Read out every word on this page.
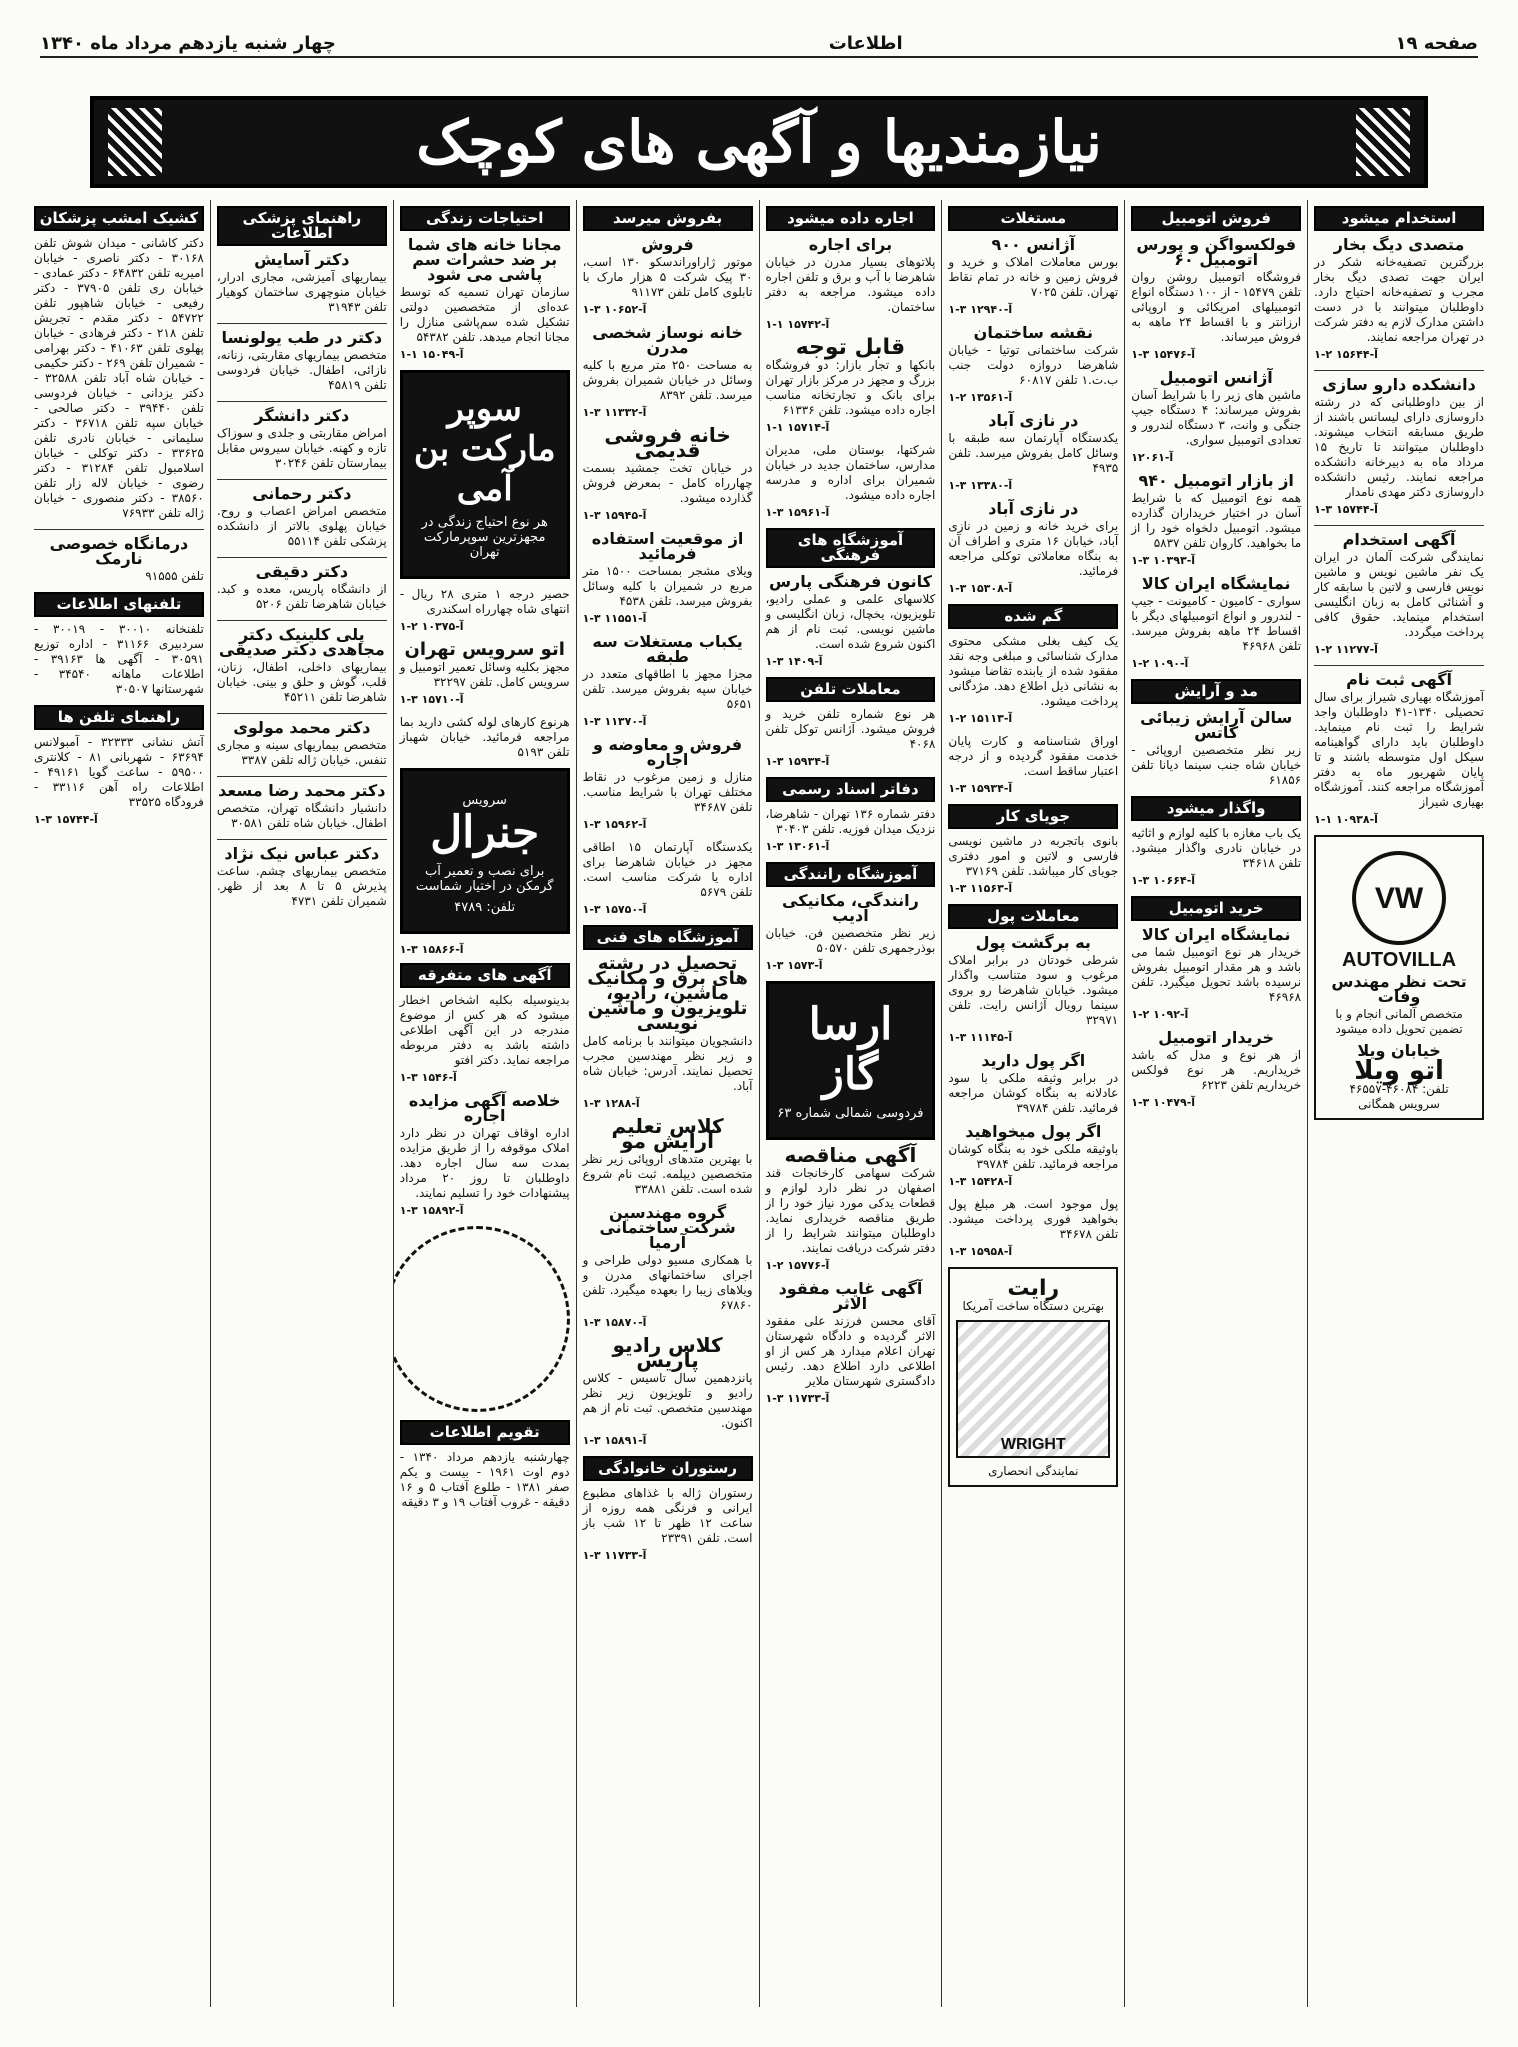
صفحه ۱۹
اطلاعات
چهار شنبه یازدهم مرداد ماه ۱۳۴۰
نیازمندیها و آگهی های کوچک
استخدام میشود
متصدی دیگ بخار

بزرگترین تصفیه‌خانه شکر در ایران جهت تصدی دیگ بخار مجرب و تصفیه‌خانه احتیاج دارد. داوطلبان میتوانند با در دست داشتن مدارک لازم به دفتر شرکت در تهران مراجعه نمایند.

آ-۱۵۶۴۴ ۲-۱
دانشکده دارو سازی

از بین داوطلبانی که در رشته داروسازی دارای لیسانس باشند از طریق مسابقه انتخاب میشوند. داوطلبان میتوانند تا تاریخ ۱۵ مرداد ماه به دبیرخانه دانشکده مراجعه نمایند. رئیس دانشکده داروسازی دکتر مهدی نامدار

آ-۱۵۷۴۴ ۳-۱
آگهی استخدام

نمایندگی شرکت آلمان در ایران یک نفر ماشین نویس و ماشین نویس فارسی و لاتین با سابقه کار و آشنائی کامل به زبان انگلیسی استخدام مینماید. حقوق کافی پرداخت میگردد.

آ-۱۱۲۷۷ ۲-۱
آگهی ثبت نام

آموزشگاه بهیاری شیراز برای سال تحصیلی ۱۳۴۰-۴۱ داوطلبان واجد شرایط را ثبت نام مینماید. داوطلبان باید دارای گواهینامه سیکل اول متوسطه باشند و تا پایان شهریور ماه به دفتر آموزشگاه مراجعه کنند. آموزشگاه بهیاری شیراز

آ-۱۰۹۳۸ ۱-۱
VW
AUTOVILLA
تحت نظر مهندس وفات
متخصص آلمانی انجام و با تضمین تحویل داده میشود
خیابان ویلا
اتو ویلا
تلفن: ۴۶۰۸۴-۴۶۵۵۷
سرویس همگانی
فروش اتومبیل
فولکسواگن و پورس اتومبیل ۶۰

فروشگاه اتومبیل روشن روان تلفن ۱۵۴۷۹ - از ۱۰۰ دستگاه انواع اتومبیلهای امریکائی و اروپائی ارزانتر و با اقساط ۲۴ ماهه به فروش میرساند.

آ-۱۵۴۷۶ ۳-۱
آژانس اتومبیل

ماشین های زیر را با شرایط آسان بفروش میرساند: ۴ دستگاه جیپ جنگی و وانت، ۳ دستگاه لندرور و تعدادی اتومبیل سواری.

آ-۱۲۰۶۱
از بازار اتومبیل ۹۴۰

همه نوع اتومبیل که با شرایط آسان در اختیار خریداران گذارده میشود. اتومبیل دلخواه خود را از ما بخواهید. کاروان تلفن ۵۸۳۷

آ-۱۰۳۹۳ ۳-۱
نمایشگاه ایران کالا

سواری - کامیون - کامیونت - جیپ - لندرور و انواع اتومبیلهای دیگر با اقساط ۲۴ ماهه بفروش میرسد. تلفن ۴۶۹۶۸

آ-۱۰۹۰ ۲-۱
مد و آرایش
سالن آرایش زیبائی کاتس

زیر نظر متخصصین اروپائی - خیابان شاه جنب سینما دیانا تلفن ۶۱۸۵۶

واگذار میشود

یک باب مغازه با کلیه لوازم و اثاثیه در خیابان نادری واگذار میشود. تلفن ۳۴۶۱۸

آ-۱۰۶۶۴ ۳-۱
خرید اتومبیل
نمایشگاه ایران کالا

خریدار هر نوع اتومبیل شما می باشد و هر مقدار اتومبیل بفروش نرسیده باشد تحویل میگیرد. تلفن ۴۶۹۶۸

آ-۱۰۹۲ ۲-۱
خریدار اتومبیل

از هر نوع و مدل که باشد خریداریم. هر نوع فولکس خریداریم تلفن ۶۲۲۳

آ-۱۰۴۷۹ ۳-۱
مستغلات
آژانس ۹۰۰

بورس معاملات املاک و خرید و فروش زمین و خانه در تمام نقاط تهران. تلفن ۷۰۲۵

آ-۱۲۹۴۰ ۳-۱
نقشه ساختمان

شرکت ساختمانی توتیا - خیابان شاهرضا دروازه دولت جنب ب.ت.۱ تلفن ۶۰۸۱۷

آ-۱۳۵۶۱ ۲-۱
در نازی آباد

یکدستگاه آپارتمان سه طبقه با وسائل کامل بفروش میرسد. تلفن ۴۹۳۵

آ-۱۳۳۸۰ ۳-۱
در نازی آباد

برای خرید خانه و زمین در نازی آباد، خیابان ۱۶ متری و اطراف آن به بنگاه معاملاتی توکلی مراجعه فرمائید.

آ-۱۵۳۰۸ ۳-۱
گم شده

یک کیف بغلی مشکی محتوی مدارک شناسائی و مبلغی وجه نقد مفقود شده از یابنده تقاضا میشود به نشانی ذیل اطلاع دهد. مژدگانی پرداخت میشود.

آ-۱۵۱۱۳ ۲-۱

اوراق شناسنامه و کارت پایان خدمت مفقود گردیده و از درجه اعتبار ساقط است.

آ-۱۵۹۳۴ ۳-۱
جویای کار

بانوی باتجربه در ماشین نویسی فارسی و لاتین و امور دفتری جویای کار میباشد. تلفن ۳۷۱۶۹

آ-۱۱۵۶۳ ۳-۱
معاملات پول
به برگشت پول

شرطی خودتان در برابر املاک مرغوب و سود متناسب واگذار میشود. خیابان شاهرضا رو بروی سینما رویال آژانس رایت. تلفن ۳۲۹۷۱

آ-۱۱۱۴۵ ۳-۱
اگر پول دارید

در برابر وثیقه ملکی با سود عادلانه به بنگاه کوشان مراجعه فرمائید. تلفن ۳۹۷۸۴

اگر پول میخواهید

باوثیقه ملکی خود به بنگاه کوشان مراجعه فرمائید. تلفن ۳۹۷۸۴

آ-۱۵۴۲۸ ۳-۱

پول موجود است. هر مبلغ پول بخواهید فوری پرداخت میشود. تلفن ۳۴۶۷۸

آ-۱۵۹۵۸ ۳-۱
رایت
بهترین دستگاه ساخت آمریکا
WRIGHT
نمایندگی انحصاری
اجاره داده میشود
برای اجاره

پلاتوهای بسیار مدرن در خیابان شاهرضا با آب و برق و تلفن اجاره داده میشود. مراجعه به دفتر ساختمان.

آ-۱۵۷۴۲ ۱-۱
قابل توجه

بانکها و تجار بازار: دو فروشگاه بزرگ و مجهز در مرکز بازار تهران برای بانک و تجارتخانه مناسب اجاره داده میشود. تلفن ۶۱۳۳۶

آ-۱۵۷۱۴ ۱-۱

شرکتها، بوستان ملی، مدیران مدارس، ساختمان جدید در خیابان شمیران برای اداره و مدرسه اجاره داده میشود.

آ-۱۵۹۶۱ ۳-۱
آموزشگاه های فرهنگی
کانون فرهنگی پارس

کلاسهای علمی و عملی رادیو، تلویزیون، یخچال، زبان انگلیسی و ماشین نویسی. ثبت نام از هم اکنون شروع شده است.

آ-۱۴۰۹ ۳-۱
معاملات تلفن

هر نوع شماره تلفن خرید و فروش میشود. آژانس توکل تلفن ۴۰۶۸

آ-۱۵۹۳۴ ۳-۱
دفاتر اسناد رسمی

دفتر شماره ۱۳۶ تهران - شاهرضا، نزدیک میدان فوزیه. تلفن ۳۰۴۰۳

آ-۱۳۰۶۱ ۳-۱
آموزشگاه رانندگی
رانندگی، مکانیکی ادیب

زیر نظر متخصصین فن. خیابان بوذرجمهری تلفن ۵۰۵۷۰

آ-۱۵۷۳ ۳-۱
ارسا گاز
فردوسی شمالی شماره ۶۳
آگهی مناقصه

شرکت سهامی کارخانجات قند اصفهان در نظر دارد لوازم و قطعات یدکی مورد نیاز خود را از طریق مناقصه خریداری نماید. داوطلبان میتوانند شرایط را از دفتر شرکت دریافت نمایند.

آ-۱۵۷۷۶ ۲-۱
آگهی غایب مفقود الاثر

آقای محسن فرزند علی مفقود الاثر گردیده و دادگاه شهرستان تهران اعلام میدارد هر کس از او اطلاعی دارد اطلاع دهد. رئیس دادگستری شهرستان ملایر

آ-۱۱۷۳۳ ۳-۱
بفروش میرسد
فروش

موتور ژاراوراندسکو ۱۳۰ اسب، ۳۰ پیک شرکت ۵ هزار مارک با تابلوی کامل تلفن ۹۱۱۷۳

آ-۱۰۶۵۲ ۳-۱
خانه نوساز شخصی مدرن

به مساحت ۲۵۰ متر مربع با کلیه وسائل در خیابان شمیران بفروش میرسد. تلفن ۸۳۹۲

آ-۱۱۳۳۲ ۳-۱
خانه فروشی قدیمی

در خیابان تخت جمشید بسمت چهارراه کامل - بمعرض فروش گذارده میشود.

آ-۱۵۹۴۵ ۳-۱
از موقعیت استفاده فرمائید

ویلای مشجر بمساحت ۱۵۰۰ متر مربع در شمیران با کلیه وسائل بفروش میرسد. تلفن ۴۵۳۸

آ-۱۱۵۵۱ ۳-۱
یکباب مستغلات سه طبقه

مجزا مجهز با اطاقهای متعدد در خیابان سپه بفروش میرسد. تلفن ۵۶۵۱

آ-۱۱۳۷۰ ۳-۱
فروش و معاوضه و اجاره

منازل و زمین مرغوب در نقاط مختلف تهران با شرایط مناسب. تلفن ۳۴۶۸۷

آ-۱۵۹۶۲ ۳-۱

یکدستگاه آپارتمان ۱۵ اطاقی مجهز در خیابان شاهرضا برای اداره یا شرکت مناسب است. تلفن ۵۶۷۹

آ-۱۵۷۵۰ ۳-۱
آموزشگاه های فنی
تحصیل در رشته های برق و مکانیک ماشین، رادیو، تلویزیون و ماشین نویسی

دانشجویان میتوانند با برنامه کامل و زیر نظر مهندسین مجرب تحصیل نمایند. آدرس: خیابان شاه آباد.

آ-۱۲۸۸ ۳-۱
کلاس تعلیم آرایش مو

با بهترین متدهای اروپائی زیر نظر متخصصین دیپلمه. ثبت نام شروع شده است. تلفن ۳۳۸۸۱

گروه مهندسین شرکت ساختمانی آرمیا

با همکاری مسیو دولی طراحی و اجرای ساختمانهای مدرن و ویلاهای زیبا را بعهده میگیرد. تلفن ۶۷۸۶۰

آ-۱۵۸۷۰ ۳-۱
کلاس رادیو پاریس

پانزدهمین سال تاسیس - کلاس رادیو و تلویزیون زیر نظر مهندسین متخصص. ثبت نام از هم اکنون.

آ-۱۵۸۹۱ ۳-۱
رستوران خانوادگی

رستوران ژاله با غذاهای مطبوع ایرانی و فرنگی همه روزه از ساعت ۱۲ ظهر تا ۱۲ شب باز است. تلفن ۲۳۳۹۱

آ-۱۱۷۳۳ ۳-۱
احتیاجات زندگی
مجانا خانه های شما بر ضد حشرات سم پاشی می شود

سازمان تهران تسمیه که توسط عده‌ای از متخصصین دولتی تشکیل شده سم‌پاشی منازل را مجانا انجام میدهد. تلفن ۵۴۳۸۲

آ-۱۵۰۴۹ ۱-۱
سوپر مارکت بن آمی
هر نوع احتیاج زندگی در مجهزترین سوپرمارکت تهران

حصیر درجه ۱ متری ۲۸ ریال - انتهای شاه چهارراه اسکندری

آ-۱۰۳۷۵ ۲-۱
اتو سرویس تهران

مجهز بکلیه وسائل تعمیر اتومبیل و سرویس کامل. تلفن ۳۲۲۹۷

آ-۱۵۷۱۰ ۳-۱

هرنوع کارهای لوله کشی دارید بما مراجعه فرمائید. خیابان شهباز تلفن ۵۱۹۳

سرویس
جنرال
برای نصب و تعمیر آب گرمکن در اختیار شماست
تلفن: ۴۷۸۹
آ-۱۵۸۶۶ ۳-۱
آگهی های متفرقه

بدینوسیله بکلیه اشخاص اخطار میشود که هر کس از موضوع مندرجه در این آگهی اطلاعی داشته باشد به دفتر مربوطه مراجعه نماید. دکتر افتو

آ-۱۵۴۶ ۳-۱
خلاصه آگهی مزایده اجاره

اداره اوقاف تهران در نظر دارد املاک موقوفه را از طریق مزایده بمدت سه سال اجاره دهد. داوطلبان تا روز ۲۰ مرداد پیشنهادات خود را تسلیم نمایند.

آ-۱۵۸۹۲ ۳-۱
تقویم اطلاعات

چهارشنبه یازدهم مرداد ۱۳۴۰ - دوم اوت ۱۹۶۱ - بیست و یکم صفر ۱۳۸۱ - طلوع آفتاب ۵ و ۱۶ دقیقه - غروب آفتاب ۱۹ و ۳ دقیقه

راهنمای پزشکی اطلاعات
دکتر آسایش

بیماریهای آمیزشی، مجاری ادرار، خیابان منوچهری ساختمان کوهیار تلفن ۳۱۹۴۳

دکتر در طب یولونسا

متخصص بیماریهای مقاربتی، زنانه، نازائی، اطفال. خیابان فردوسی تلفن ۴۵۸۱۹

دکتر دانشگر

امراض مقاربتی و جلدی و سوزاک تازه و کهنه. خیابان سیروس مقابل بیمارستان تلفن ۳۰۲۴۶

دکتر رحمانی

متخصص امراض اعصاب و روح. خیابان پهلوی بالاتر از دانشکده پزشکی تلفن ۵۵۱۱۴

دکتر دقیقی

از دانشگاه پاریس، معده و کبد. خیابان شاهرضا تلفن ۵۲۰۶

پلی کلینیک دکتر مجاهدی دکتر صدیقی

بیماریهای داخلی، اطفال، زنان، قلب، گوش و حلق و بینی. خیابان شاهرضا تلفن ۴۵۲۱۱

دکتر محمد مولوی

متخصص بیماریهای سینه و مجاری تنفس. خیابان ژاله تلفن ۳۳۸۷

دکتر محمد رضا مسعد

دانشیار دانشگاه تهران، متخصص اطفال. خیابان شاه تلفن ۳۰۵۸۱

دکتر عباس نیک نژاد

متخصص بیماریهای چشم. ساعت پذیرش ۵ تا ۸ بعد از ظهر. شمیران تلفن ۴۷۳۱

کشیک امشب پزشکان

دکتر کاشانی - میدان شوش تلفن ۳۰۱۶۸ - دکتر ناصری - خیابان امیریه تلفن ۶۴۸۳۲ - دکتر عمادی - خیابان ری تلفن ۳۷۹۰۵ - دکتر رفیعی - خیابان شاهپور تلفن ۵۴۷۲۲ - دکتر مقدم - تجریش تلفن ۲۱۸ - دکتر فرهادی - خیابان پهلوی تلفن ۴۱۰۶۳ - دکتر بهرامی - شمیران تلفن ۲۶۹ - دکتر حکیمی - خیابان شاه آباد تلفن ۳۲۵۸۸ - دکتر یزدانی - خیابان فردوسی تلفن ۳۹۴۴۰ - دکتر صالحی - خیابان سپه تلفن ۳۶۷۱۸ - دکتر سلیمانی - خیابان نادری تلفن ۳۳۶۲۵ - دکتر توکلی - خیابان اسلامبول تلفن ۳۱۲۸۴ - دکتر رضوی - خیابان لاله زار تلفن ۳۸۵۶۰ - دکتر منصوری - خیابان ژاله تلفن ۷۶۹۳۳

درمانگاه خصوصی نارمک

تلفن ۹۱۵۵۵

تلفنهای اطلاعات

تلفنخانه ۳۰۰۱۰ - ۳۰۰۱۹ - سردبیری ۳۱۱۶۶ - اداره توزیع ۳۰۵۹۱ - آگهی ها ۳۹۱۶۳ - اطلاعات ماهانه ۳۴۵۴۰ - شهرستانها ۳۰۵۰۷

راهنمای تلفن ها

آتش نشانی ۳۲۳۳۳ - آمبولانس ۶۳۶۹۴ - شهربانی ۸۱ - کلانتری ۵۹۵۰۰ - ساعت گویا ۴۹۱۶۱ - اطلاعات راه آهن ۳۳۱۱۶ - فرودگاه ۳۳۵۲۵

آ-۱۵۷۴۴ ۳-۱
